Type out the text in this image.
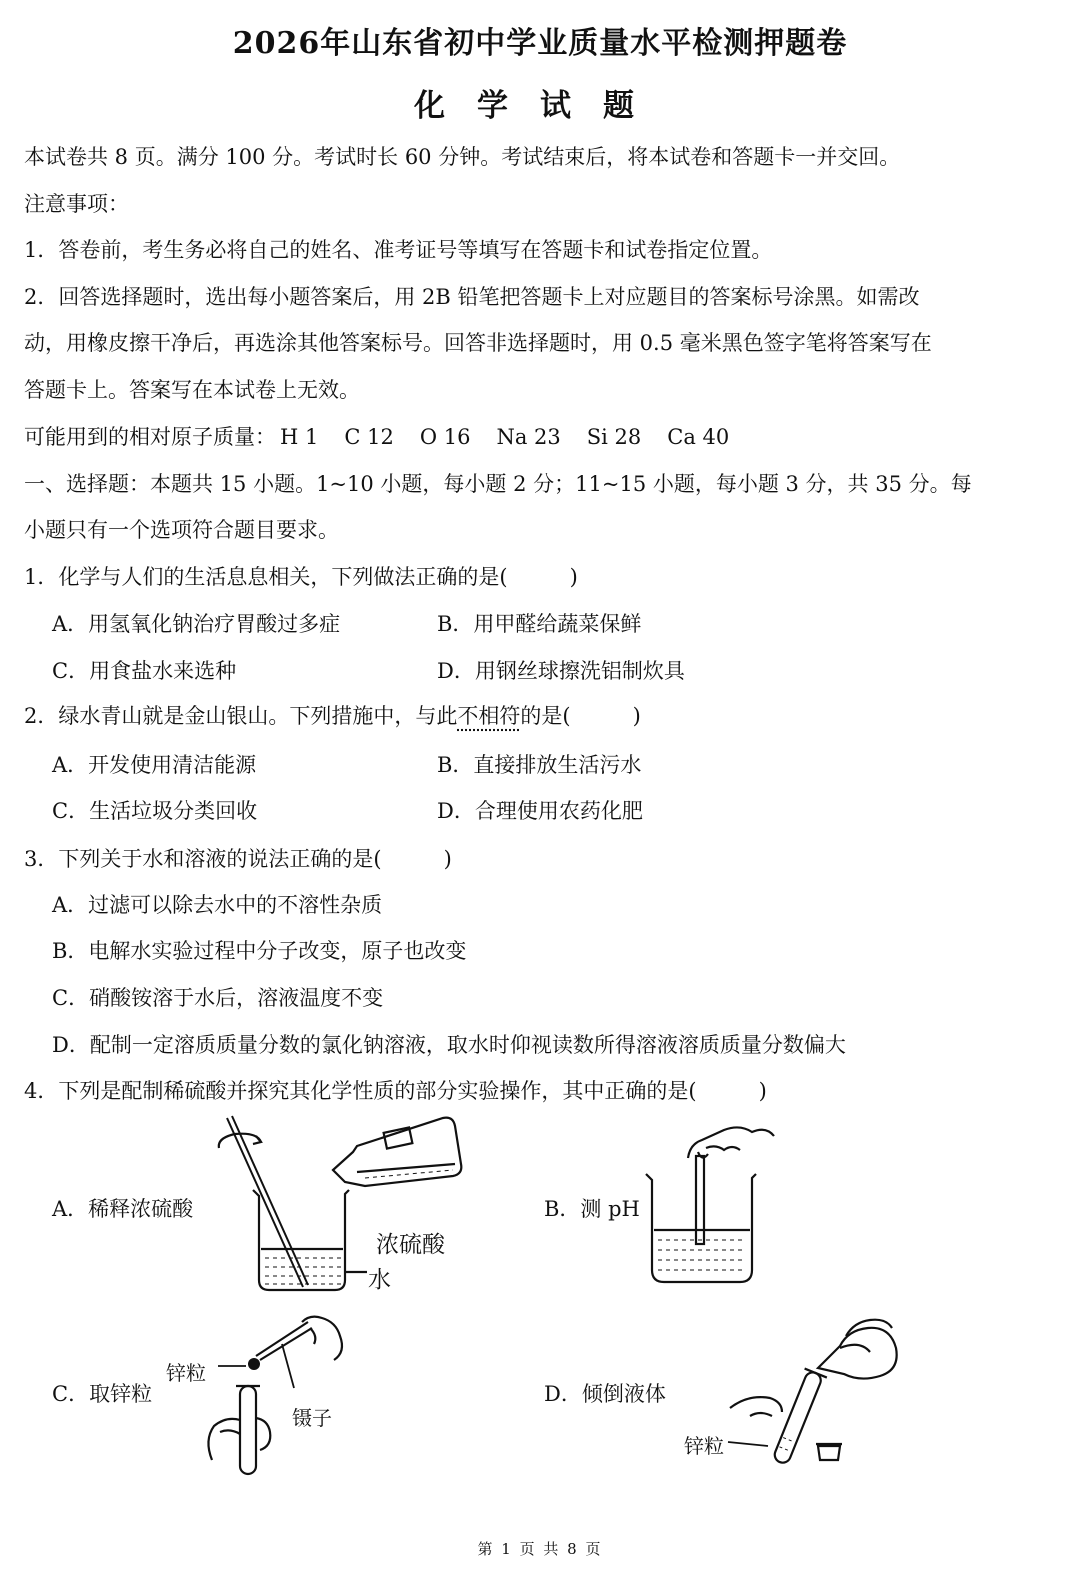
2026年山东省初中学业质量水平检测押题卷
化学试题
本试卷共 8 页。满分 100 分。考试时长 60 分钟。考试结束后，将本试卷和答题卡一并交回。
注意事项：
1．答卷前，考生务必将自己的姓名、准考证号等填写在答题卡和试卷指定位置。
2．回答选择题时，选出每小题答案后，用 2B 铅笔把答题卡上对应题目的答案标号涂黑。如需改
动，用橡皮擦干净后，再选涂其他答案标号。回答非选择题时，用 0.5 毫米黑色签字笔将答案写在
答题卡上。答案写在本试卷上无效。
可能用到的相对原子质量： H 1 C 12 O 16 Na 23 Si 28 Ca 40
一、选择题：本题共 15 小题。1~10 小题，每小题 2 分；11~15 小题，每小题 3 分，共 35 分。每
小题只有一个选项符合题目要求。
1．化学与人们的生活息息相关，下列做法正确的是(	)
A．用氢氧化钠治疗胃酸过多症	B．用甲醛给蔬菜保鲜
C．用食盐水来选种	D．用钢丝球擦洗铝制炊具
2．绿水青山就是金山银山。下列措施中，与此不相符的是(	)
A．开发使用清洁能源	B．直接排放生活污水
C．生活垃圾分类回收	D．合理使用农药化肥
3．下列关于水和溶液的说法正确的是(	)
A．过滤可以除去水中的不溶性杂质
B．电解水实验过程中分子改变，原子也改变
C．硝酸铵溶于水后，溶液温度不变
D．配制一定溶质质量分数的氯化钠溶液，取水时仰视读数所得溶液溶质质量分数偏大
4．下列是配制稀硫酸并探究其化学性质的部分实验操作，其中正确的是(	)
A．稀释浓硫酸	B．测 pH
C．取锌粒	D．倾倒液体
浓硫酸
水
锌粒
镊子
锌粒
第 1 页 共 8 页
